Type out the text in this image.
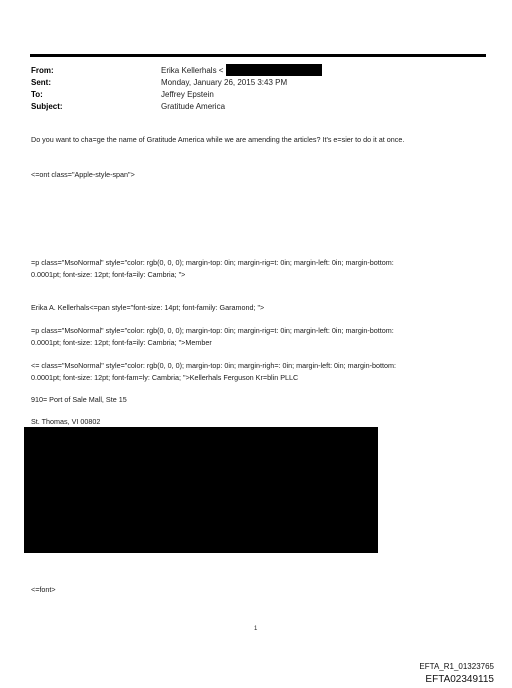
From:	Erika Kellerhals <
Sent:	Monday, January 26, 2015 3:43 PM
To:	Jeffrey Epstein
Subject:	Gratitude America
Do you want to cha=ge the name of Gratitude America while we are amending the articles? It's e=sier to do it at once.
<=ont class="Apple-style-span">
=p class="MsoNormal" style="color: rgb(0, 0, 0); margin-top: 0in; margin-rig=t: 0in; margin-left: 0in; margin-bottom:
0.0001pt; font-size: 12pt; font-fa=ily: Cambria; ">
Erika A. Kellerhals<=pan style="font-size: 14pt; font-family: Garamond; ">
=p class="MsoNormal" style="color: rgb(0, 0, 0); margin-top: 0in; margin-rig=t: 0in; margin-left: 0in; margin-bottom:
0.0001pt; font-size: 12pt; font-fa=ily: Cambria; ">Member
<= class="MsoNormal" style="color: rgb(0, 0, 0); margin-top: 0in; margin-righ=: 0in; margin-left: 0in; margin-bottom:
0.0001pt; font-size: 12pt; font-fam=ly: Cambria; ">Kellerhals Ferguson Kr=blin PLLC
910= Port of Sale Mall, Ste 15
St. Thomas, VI 00802
<=font>
1
EFTA_R1_01323765
EFTA02349115
